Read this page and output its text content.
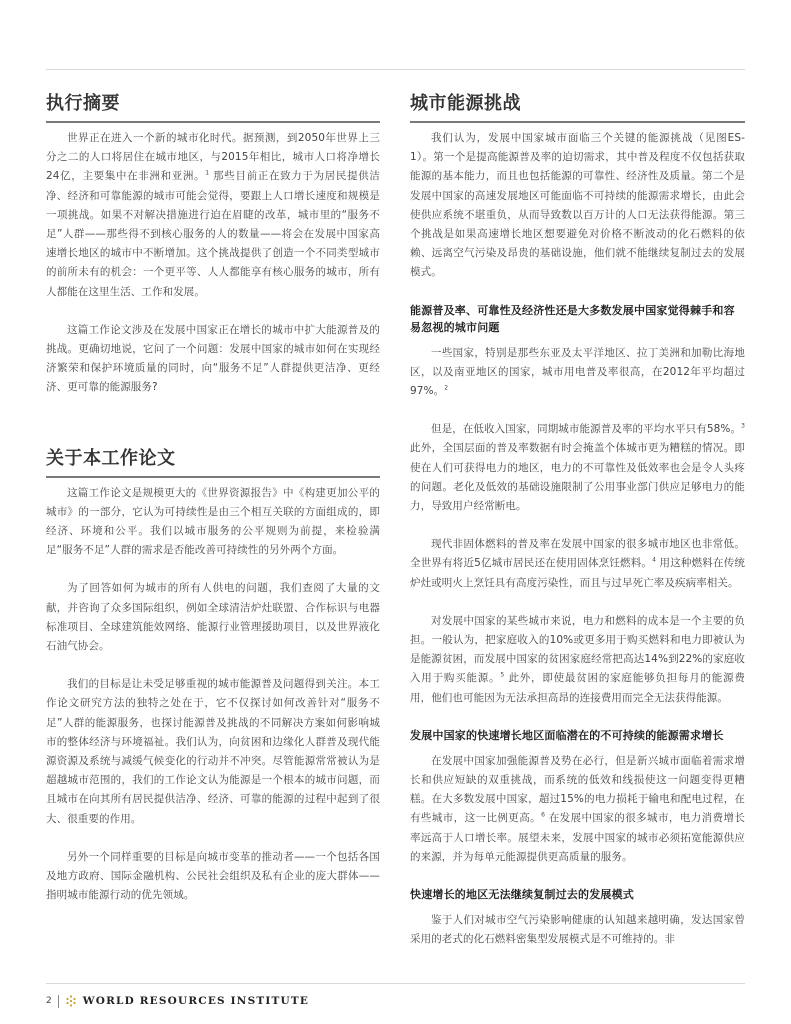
执行摘要

世界正在进入一个新的城市化时代。据预测，到2050年世界上三分之二的人口将居住在城市地区，与2015年相比，城市人口将净增长24亿，主要集中在非洲和亚洲。$^1$ 那些目前正在致力于为居民提供洁净、经济和可靠能源的城市可能会觉得，要跟上人口增长速度和规模是一项挑战。如果不对解决措施进行迫在眉睫的改革，城市里的“服务不足”人群——那些得不到核心服务的人的数量——将会在发展中国家高速增长地区的城市中不断增加。这个挑战提供了创造一个不同类型城市的前所未有的机会：一个更平等、人人都能享有核心服务的城市，所有人都能在这里生活、工作和发展。

这篇工作论文涉及在发展中国家正在增长的城市中扩大能源普及的挑战。更确切地说，它问了一个问题：发展中国家的城市如何在实现经济繁荣和保护环境质量的同时，向“服务不足”人群提供更洁净、更经济、更可靠的能源服务?

关于本工作论文

这篇工作论文是规模更大的《世界资源报告》中《构建更加公平的城市》的一部分，它认为可持续性是由三个相互关联的方面组成的，即经济、环境和公平。我们以城市服务的公平规则为前提，来检验满足“服务不足”人群的需求是否能改善可持续性的另外两个方面。

为了回答如何为城市的所有人供电的问题，我们查阅了大量的文献，并咨询了众多国际组织，例如全球清洁炉灶联盟、合作标识与电器标准项目、全球建筑能效网络、能源行业管理援助项目，以及世界液化石油气协会。

我们的目标是让未受足够重视的城市能源普及问题得到关注。本工作论文研究方法的独特之处在于，它不仅探讨如何改善针对“服务不足”人群的能源服务，也探讨能源普及挑战的不同解决方案如何影响城市的整体经济与环境福祉。我们认为，向贫困和边缘化人群普及现代能源资源及系统与减缓气候变化的行动并不冲突。尽管能源常常被认为是超越城市范围的，我们的工作论文认为能源是一个根本的城市问题，而且城市在向其所有居民提供洁净、经济、可靠的能源的过程中起到了很大、很重要的作用。

另外一个同样重要的目标是向城市变革的推动者——一个包括各国及地方政府、国际金融机构、公民社会组织及私有企业的庞大群体——指明城市能源行动的优先领域。

城市能源挑战

我们认为，发展中国家城市面临三个关键的能源挑战（见图ES-1）。第一个是提高能源普及率的迫切需求，其中普及程度不仅包括获取能源的基本能力，而且也包括能源的可靠性、经济性及质量。第二个是发展中国家的高速发展地区可能面临不可持续的能源需求增长，由此会使供应系统不堪重负，从而导致数以百万计的人口无法获得能源。第三个挑战是如果高速增长地区想要避免对价格不断波动的化石燃料的依赖、远离空气污染及昂贵的基础设施，他们就不能继续复制过去的发展模式。

能源普及率、可靠性及经济性还是大多数发展中国家觉得棘手和容易忽视的城市问题

一些国家，特别是那些东亚及太平洋地区、拉丁美洲和加勒比海地区，以及南亚地区的国家，城市用电普及率很高，在2012年平均超过97%。$^2$

但是，在低收入国家，同期城市能源普及率的平均水平只有58%。$^3$ 此外，全国层面的普及率数据有时会掩盖个体城市更为糟糕的情况。即使在人们可获得电力的地区，电力的不可靠性及低效率也会是令人头疼的问题。老化及低效的基础设施限制了公用事业部门供应足够电力的能力，导致用户经常断电。

现代非固体燃料的普及率在发展中国家的很多城市地区也非常低。全世界有将近5亿城市居民还在使用固体烹饪燃料。$^4$ 用这种燃料在传统炉灶或明火上烹饪具有高度污染性，而且与过早死亡率及疾病率相关。

对发展中国家的某些城市来说，电力和燃料的成本是一个主要的负担。一般认为，把家庭收入的10%或更多用于购买燃料和电力即被认为是能源贫困，而发展中国家的贫困家庭经常把高达14%到22%的家庭收入用于购买能源。$^5$ 此外，即使最贫困的家庭能够负担每月的能源费用，他们也可能因为无法承担高昂的连接费用而完全无法获得能源。

发展中国家的快速增长地区面临潜在的不可持续的能源需求增长

在发展中国家加强能源普及势在必行，但是新兴城市面临着需求增长和供应短缺的双重挑战，而系统的低效和线损使这一问题变得更糟糕。在大多数发展中国家，超过15%的电力损耗于输电和配电过程，在有些城市，这一比例更高。$^6$ 在发展中国家的很多城市，电力消费增长率远高于人口增长率。展望未来，发展中国家的城市必须拓宽能源供应的来源，并为每单元能源提供更高质量的服务。

快速增长的地区无法继续复制过去的发展模式

鉴于人们对城市空气污染影响健康的认知越来越明确，发达国家曾采用的老式的化石燃料密集型发展模式是不可维持的。非

2	WORLD RESOURCES INSTITUTE
